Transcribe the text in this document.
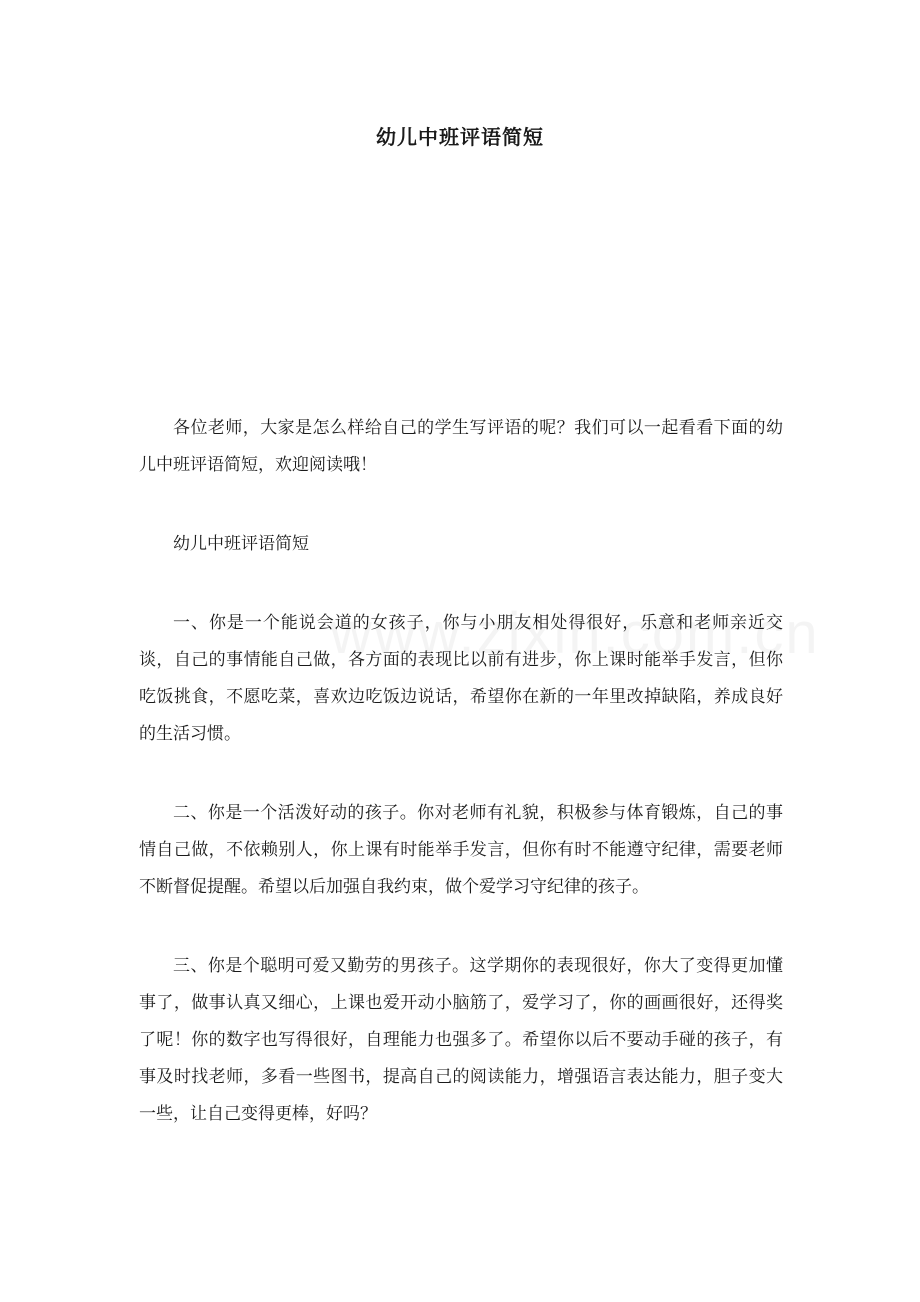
幼儿中班评语简短

各位老师，大家是怎么样给自己的学生写评语的呢？我们可以一起看看下面的幼儿中班评语简短，欢迎阅读哦！

幼儿中班评语简短

一、你是一个能说会道的女孩子，你与小朋友相处得很好，乐意和老师亲近交谈，自己的事情能自己做，各方面的表现比以前有进步，你上课时能举手发言，但你吃饭挑食，不愿吃菜，喜欢边吃饭边说话，希望你在新的一年里改掉缺陷，养成良好的生活习惯。

二、你是一个活泼好动的孩子。你对老师有礼貌，积极参与体育锻炼，自己的事情自己做，不依赖别人，你上课有时能举手发言，但你有时不能遵守纪律，需要老师不断督促提醒。希望以后加强自我约束，做个爱学习守纪律的孩子。

三、你是个聪明可爱又勤劳的男孩子。这学期你的表现很好，你大了变得更加懂事了，做事认真又细心，上课也爱开动小脑筋了，爱学习了，你的画画很好，还得奖了呢！你的数字也写得很好，自理能力也强多了。希望你以后不要动手碰的孩子，有事及时找老师，多看一些图书，提高自己的阅读能力，增强语言表达能力，胆子变大一些，让自己变得更棒，好吗？
